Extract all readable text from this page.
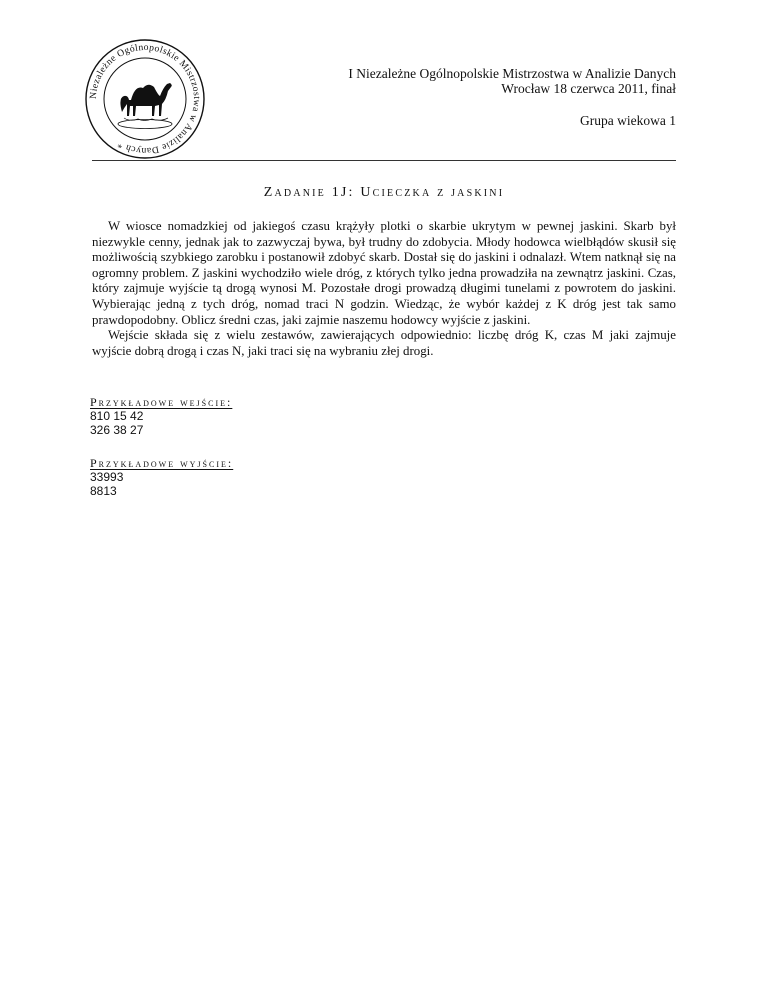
Niezależne Ogólnopolskie Mistrzostwa w Analizie Danych *
I Niezależne Ogólnopolskie Mistrzostwa w Analizie Danych
Wrocław 18 czerwca 2011, finał
Grupa wiekowa 1
Zadanie 1J: Ucieczka z jaskini

W wiosce nomadzkiej od jakiegoś czasu krążyły plotki o skarbie ukrytym w pewnej jaskini. Skarb był niezwykle cenny, jednak jak to zazwyczaj bywa, był trudny do zdobycia. Młody hodowca wielbłądów skusił się możliwością szybkiego zarobku i postanowił zdobyć skarb. Dostał się do jaskini i odnalazł. Wtem natknął się na ogromny problem. Z jaskini wychodziło wiele dróg, z których tylko jedna prowadziła na zewnątrz jaskini. Czas, który zajmuje wyjście tą drogą wynosi M. Pozostałe drogi prowadzą długimi tunelami z powrotem do jaskini. Wybierając jedną z tych dróg, nomad traci N godzin. Wiedząc, że wybór każdej z K dróg jest tak samo prawdopodobny. Oblicz średni czas, jaki zajmie naszemu hodowcy wyjście z jaskini.

Wejście składa się z wielu zestawów, zawierających odpowiednio: liczbę dróg K, czas M jaki zajmuje wyjście dobrą drogą i czas N, jaki traci się na wybraniu złej drogi.

Przykładowe wejście:
810 15 42
326 38 27
Przykładowe wyjście:
33993
8813
